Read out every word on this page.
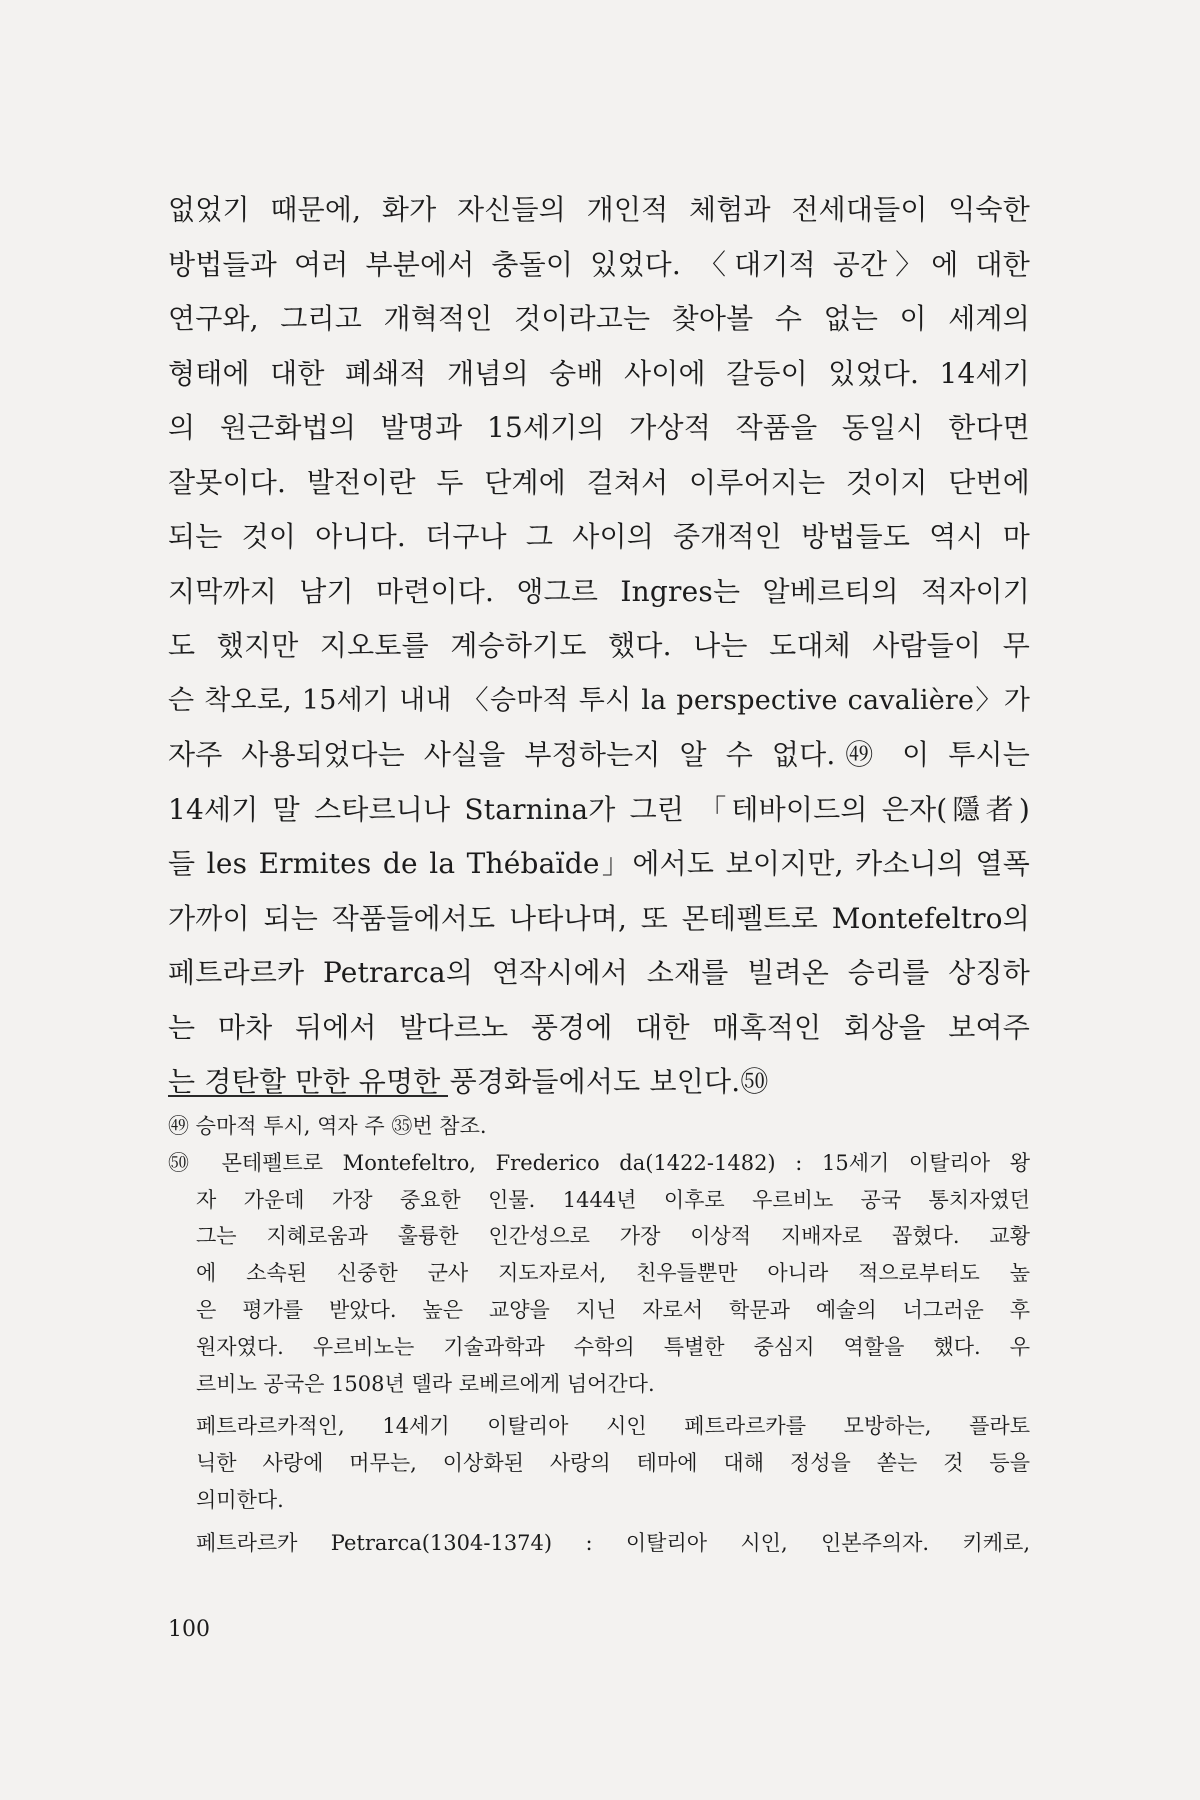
없었기 때문에, 화가 자신들의 개인적 체험과 전세대들이 익숙한
방법들과 여러 부분에서 충돌이 있었다. 〈대기적 공간〉에 대한
연구와, 그리고 개혁적인 것이라고는 찾아볼 수 없는 이 세계의
형태에 대한 폐쇄적 개념의 숭배 사이에 갈등이 있었다. 14세기
의 원근화법의 발명과 15세기의 가상적 작품을 동일시 한다면
잘못이다. 발전이란 두 단계에 걸쳐서 이루어지는 것이지 단번에
되는 것이 아니다. 더구나 그 사이의 중개적인 방법들도 역시 마
지막까지 남기 마련이다. 앵그르 Ingres는 알베르티의 적자이기
도 했지만 지오토를 계승하기도 했다. 나는 도대체 사람들이 무
슨 착오로, 15세기 내내 〈승마적 투시 la perspective cavalière〉가
자주 사용되었다는 사실을 부정하는지 알 수 없다.㊾ 이 투시는
14세기 말 스타르니나 Starnina가 그린 「테바이드의 은자(隱者)
들 les Ermites de la Thébaïde」에서도 보이지만, 카소니의 열폭
가까이 되는 작품들에서도 나타나며, 또 몬테펠트로 Montefeltro의
페트라르카 Petrarca의 연작시에서 소재를 빌려온 승리를 상징하
는 마차 뒤에서 발다르노 풍경에 대한 매혹적인 회상을 보여주
는 경탄할 만한 유명한 풍경화들에서도 보인다.㊿
㊾ 승마적 투시, 역자 주 ㉟번 참조.
㊿ 몬테펠트로 Montefeltro, Frederico da(1422-1482) : 15세기 이탈리아 왕
자 가운데 가장 중요한 인물. 1444년 이후로 우르비노 공국 통치자였던
그는 지혜로움과 훌륭한 인간성으로 가장 이상적 지배자로 꼽혔다. 교황
에 소속된 신중한 군사 지도자로서, 친우들뿐만 아니라 적으로부터도 높
은 평가를 받았다. 높은 교양을 지닌 자로서 학문과 예술의 너그러운 후
원자였다. 우르비노는 기술과학과 수학의 특별한 중심지 역할을 했다. 우
르비노 공국은 1508년 델라 로베르에게 넘어간다.
페트라르카적인, 14세기 이탈리아 시인 페트라르카를 모방하는, 플라토
닉한 사랑에 머무는, 이상화된 사랑의 테마에 대해 정성을 쏟는 것 등을
의미한다.
페트라르카 Petrarca(1304-1374) : 이탈리아 시인, 인본주의자. 키케로,
100
